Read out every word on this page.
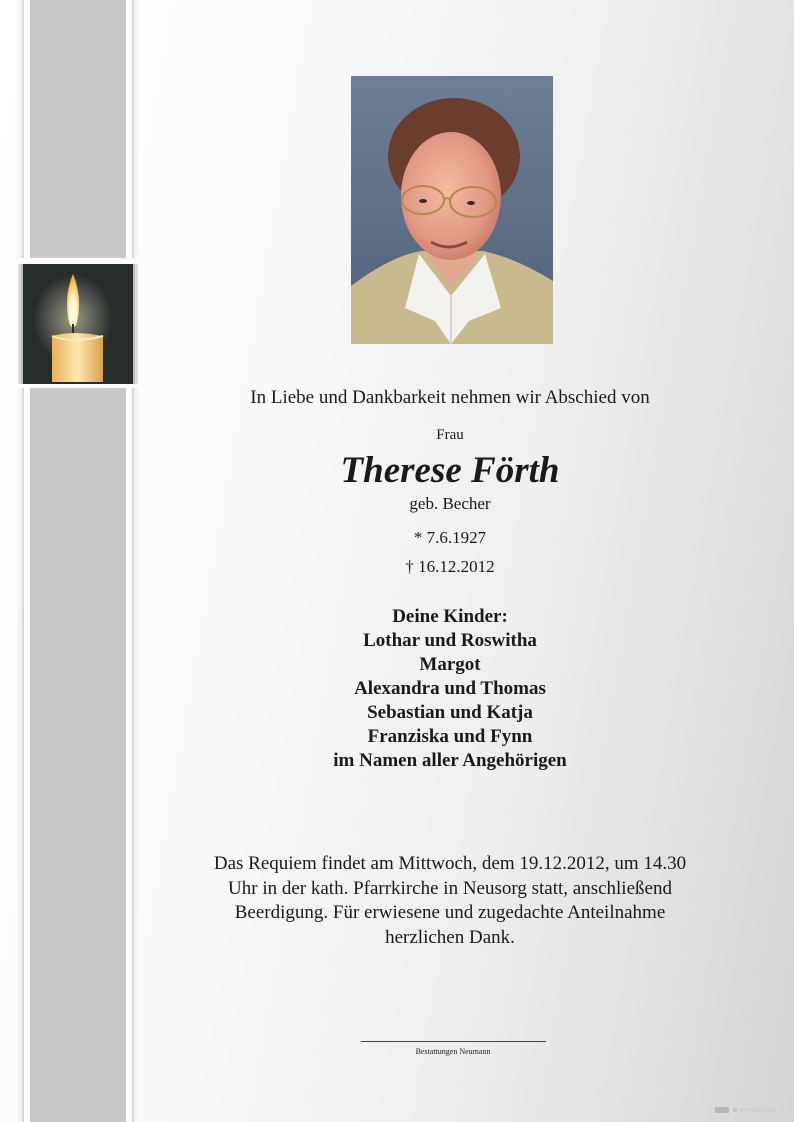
In Liebe und Dankbarkeit nehmen wir Abschied von
Frau
Therese Förth
geb. Becher
* 7.6.1927
† 16.12.2012
Deine Kinder:
Lothar und Roswitha
Margot
Alexandra und Thomas
Sebastian und Katja
Franziska und Fynn
im Namen aller Angehörigen
Das Requiem findet am Mittwoch, dem 19.12.2012, um 14.30 Uhr in der kath. Pfarrkirche in Neusorg statt, anschließend Beerdigung. Für erwiesene und zugedachte Anteilnahme herzlichen Dank.
Bestattungen Neumann
